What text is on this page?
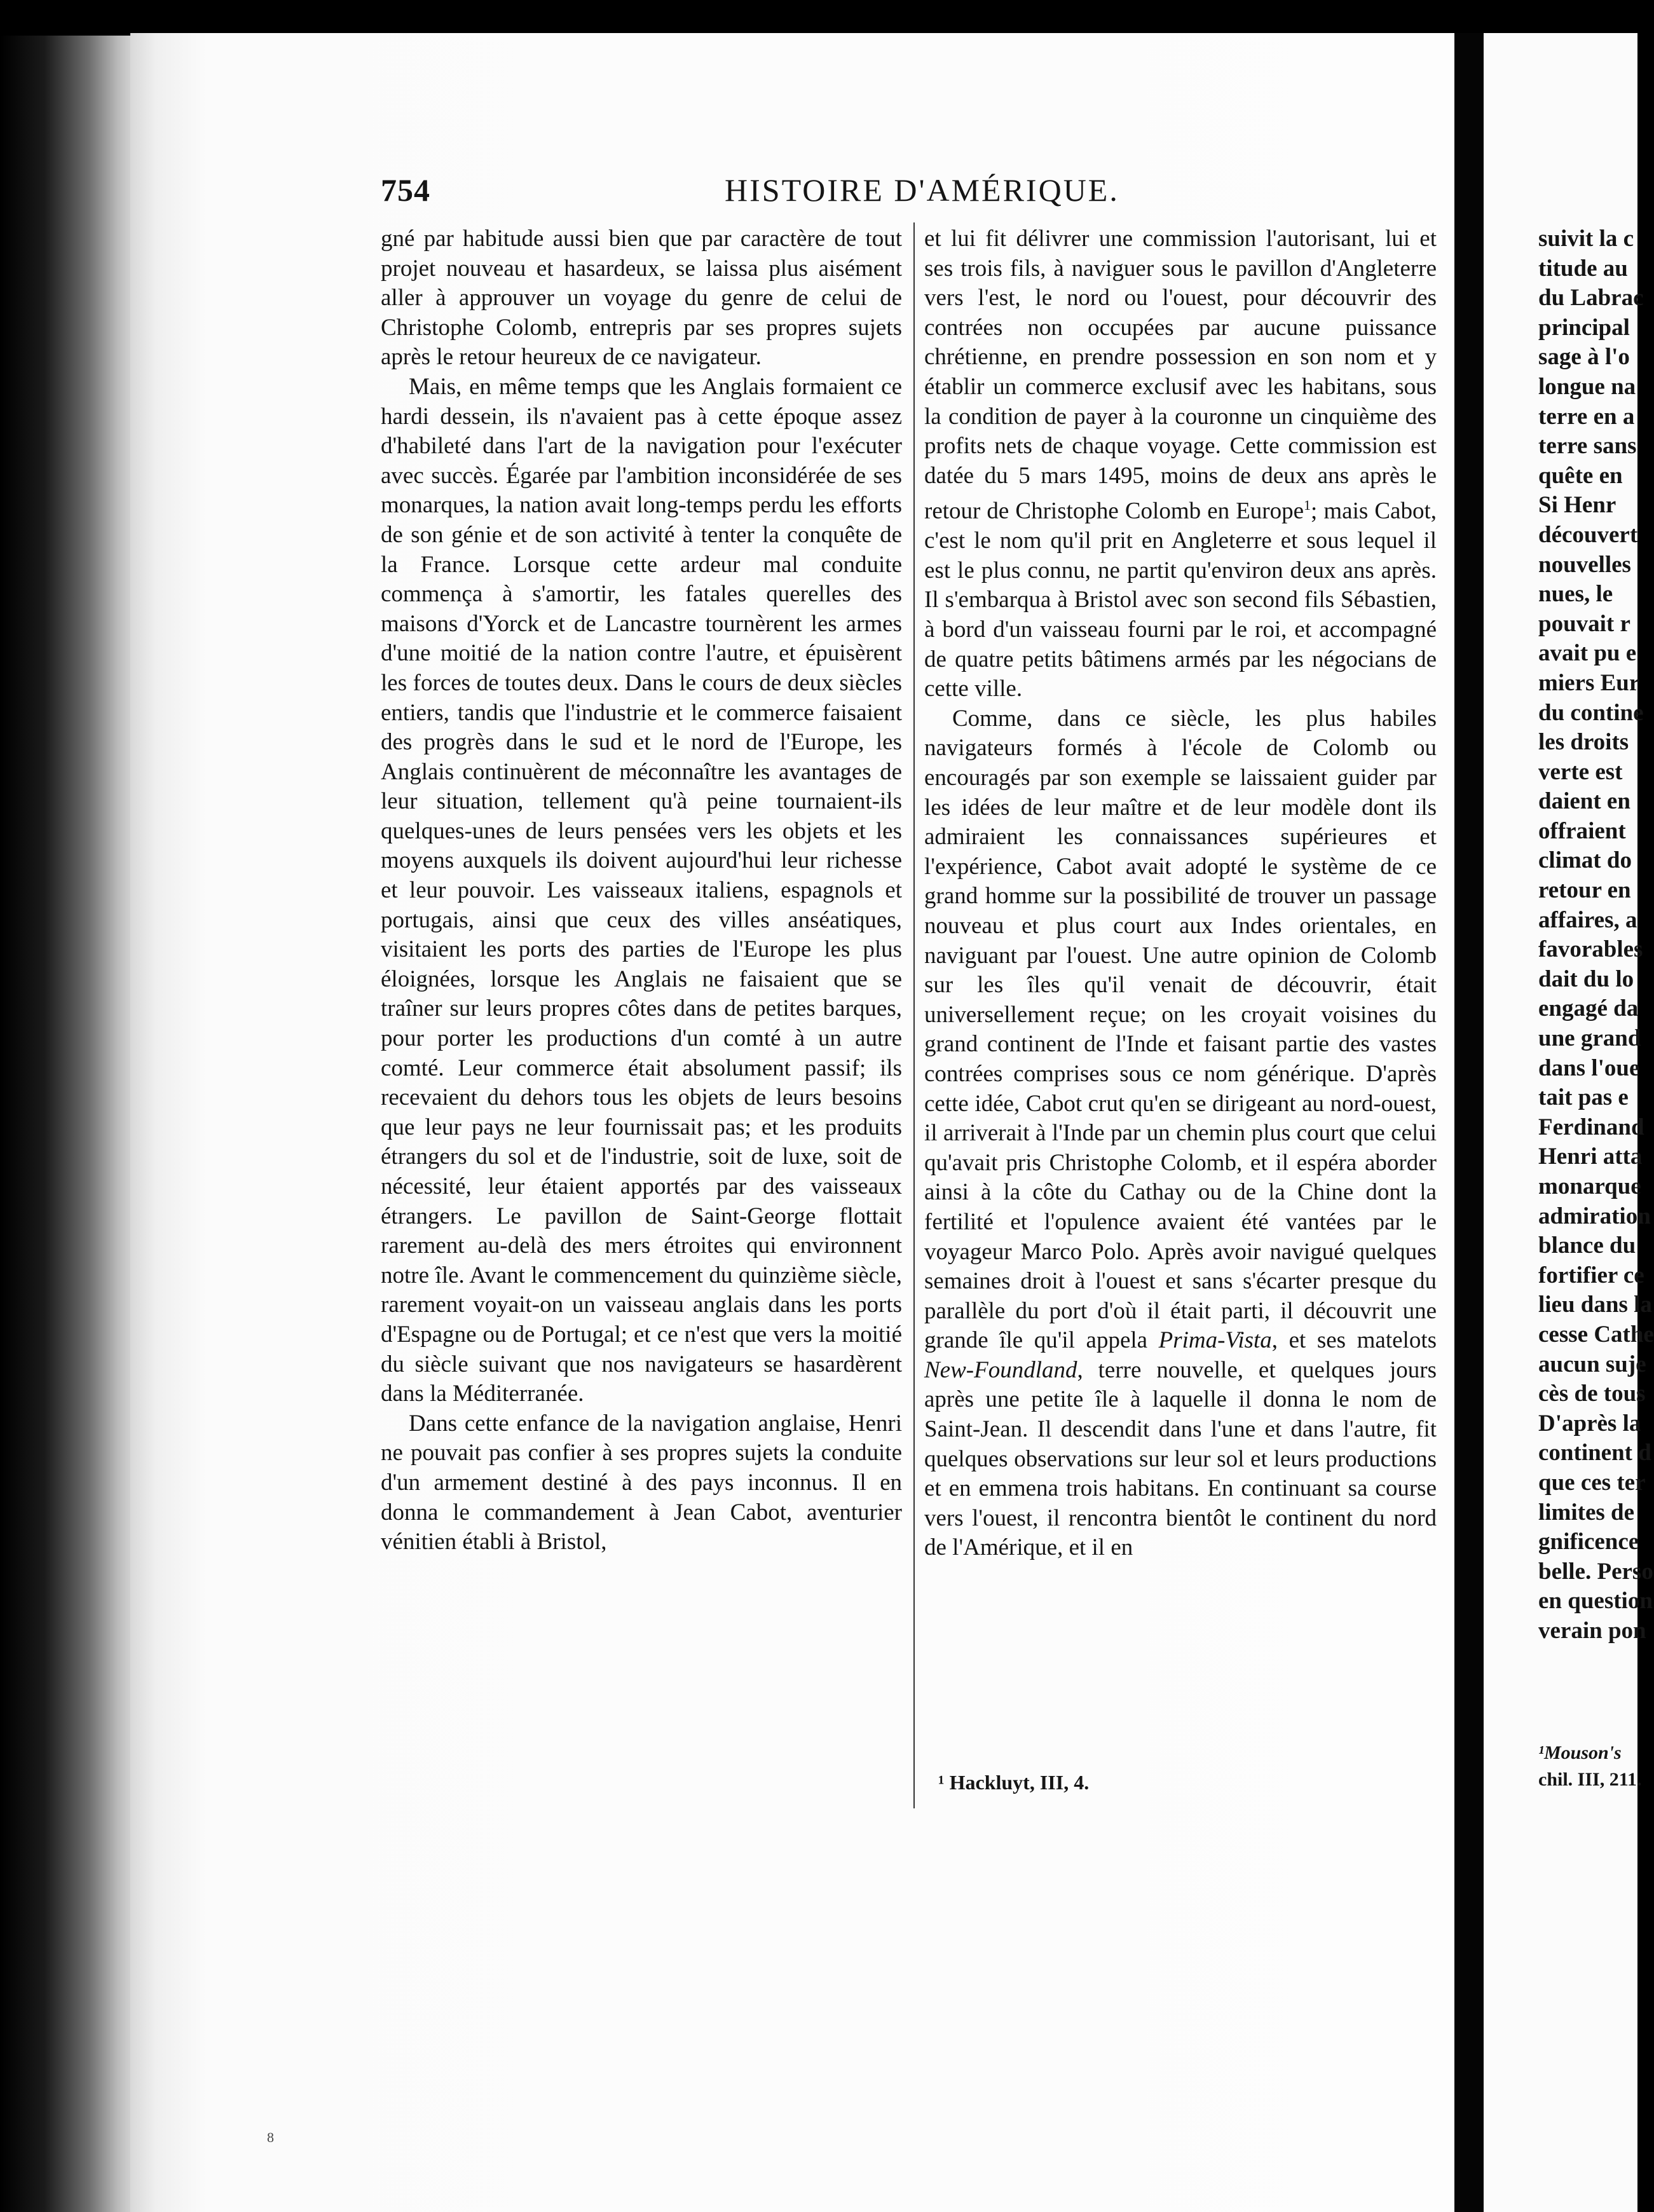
754	HISTOIRE D'AMÉRIQUE.

gné par habitude aussi bien que par caractère de tout projet nouveau et hasardeux, se laissa plus aisément aller à approuver un voyage du genre de celui de Christophe Colomb, entrepris par ses propres sujets après le retour heureux de ce navigateur.

Mais, en même temps que les Anglais formaient ce hardi dessein, ils n'avaient pas à cette époque assez d'habileté dans l'art de la navigation pour l'exécuter avec succès. Égarée par l'ambition inconsidérée de ses monarques, la nation avait long-temps perdu les efforts de son génie et de son activité à tenter la conquête de la France. Lorsque cette ardeur mal conduite commença à s'amortir, les fatales querelles des maisons d'Yorck et de Lancastre tournèrent les armes d'une moitié de la nation contre l'autre, et épuisèrent les forces de toutes deux. Dans le cours de deux siècles entiers, tandis que l'industrie et le commerce faisaient des progrès dans le sud et le nord de l'Europe, les Anglais continuèrent de méconnaître les avantages de leur situation, tellement qu'à peine tournaient-ils quelques-unes de leurs pensées vers les objets et les moyens auxquels ils doivent aujourd'hui leur richesse et leur pouvoir. Les vaisseaux italiens, espagnols et portugais, ainsi que ceux des villes anséatiques, visitaient les ports des parties de l'Europe les plus éloignées, lorsque les Anglais ne faisaient que se traîner sur leurs propres côtes dans de petites barques, pour porter les productions d'un comté à un autre comté. Leur commerce était absolument passif; ils recevaient du dehors tous les objets de leurs besoins que leur pays ne leur fournissait pas; et les produits étrangers du sol et de l'industrie, soit de luxe, soit de nécessité, leur étaient apportés par des vaisseaux étrangers. Le pavillon de Saint-George flottait rarement au-delà des mers étroites qui environnent notre île. Avant le commencement du quinzième siècle, rarement voyait-on un vaisseau anglais dans les ports d'Espagne ou de Portugal; et ce n'est que vers la moitié du siècle suivant que nos navigateurs se hasardèrent dans la Méditerranée.

Dans cette enfance de la navigation anglaise, Henri ne pouvait pas confier à ses propres sujets la conduite d'un armement destiné à des pays inconnus. Il en donna le commandement à Jean Cabot, aventurier vénitien établi à Bristol,

et lui fit délivrer une commission l'autorisant, lui et ses trois fils, à naviguer sous le pavillon d'Angleterre vers l'est, le nord ou l'ouest, pour découvrir des contrées non occupées par aucune puissance chrétienne, en prendre possession en son nom et y établir un commerce exclusif avec les habitans, sous la condition de payer à la couronne un cinquième des profits nets de chaque voyage. Cette commission est datée du 5 mars 1495, moins de deux ans après le retour de Christophe Colomb en Europe$^1$; mais Cabot, c'est le nom qu'il prit en Angleterre et sous lequel il est le plus connu, ne partit qu'environ deux ans après. Il s'embarqua à Bristol avec son second fils Sébastien, à bord d'un vaisseau fourni par le roi, et accompagné de quatre petits bâtimens armés par les négocians de cette ville.

Comme, dans ce siècle, les plus habiles navigateurs formés à l'école de Colomb ou encouragés par son exemple se laissaient guider par les idées de leur maître et de leur modèle dont ils admiraient les connaissances supérieures et l'expérience, Cabot avait adopté le système de ce grand homme sur la possibilité de trouver un passage nouveau et plus court aux Indes orientales, en naviguant par l'ouest. Une autre opinion de Colomb sur les îles qu'il venait de découvrir, était universellement reçue; on les croyait voisines du grand continent de l'Inde et faisant partie des vastes contrées comprises sous ce nom générique. D'après cette idée, Cabot crut qu'en se dirigeant au nord-ouest, il arriverait à l'Inde par un chemin plus court que celui qu'avait pris Christophe Colomb, et il espéra aborder ainsi à la côte du Cathay ou de la Chine dont la fertilité et l'opulence avaient été vantées par le voyageur Marco Polo. Après avoir navigué quelques semaines droit à l'ouest et sans s'écarter presque du parallèle du port d'où il était parti, il découvrit une grande île qu'il appela Prima-Vista, et ses matelots New-Foundland, terre nouvelle, et quelques jours après une petite île à laquelle il donna le nom de Saint-Jean. Il descendit dans l'une et dans l'autre, fit quelques observations sur leur sol et leurs productions et en emmena trois habitans. En continuant sa course vers l'ouest, il rencontra bientôt le continent du nord de l'Amérique, et il en

¹ Hackluyt, III, 4.
suivit la c
titude au
du Labrac
principal
sage à l'o
longue na
terre en a
terre sans
quête en
Si Henr
découvert
nouvelles
nues, le
pouvait r
avait pu e
miers Eur
du contine
les droits
verte est
daient en
offraient
climat do
retour en
affaires, a
favorables
dait du lo
engagé da
une grand
dans l'oue
tait pas e
Ferdinand
Henri atta
monarque
admiration
blance du
fortifier ce
lieu dans la
cesse Cathe
aucun suje
cès de tous
D'après la
continent d
que ces ter
limites de
gnificence
belle. Perso
en question
verain pon
¹Mouson's
chil. III, 211.
8
